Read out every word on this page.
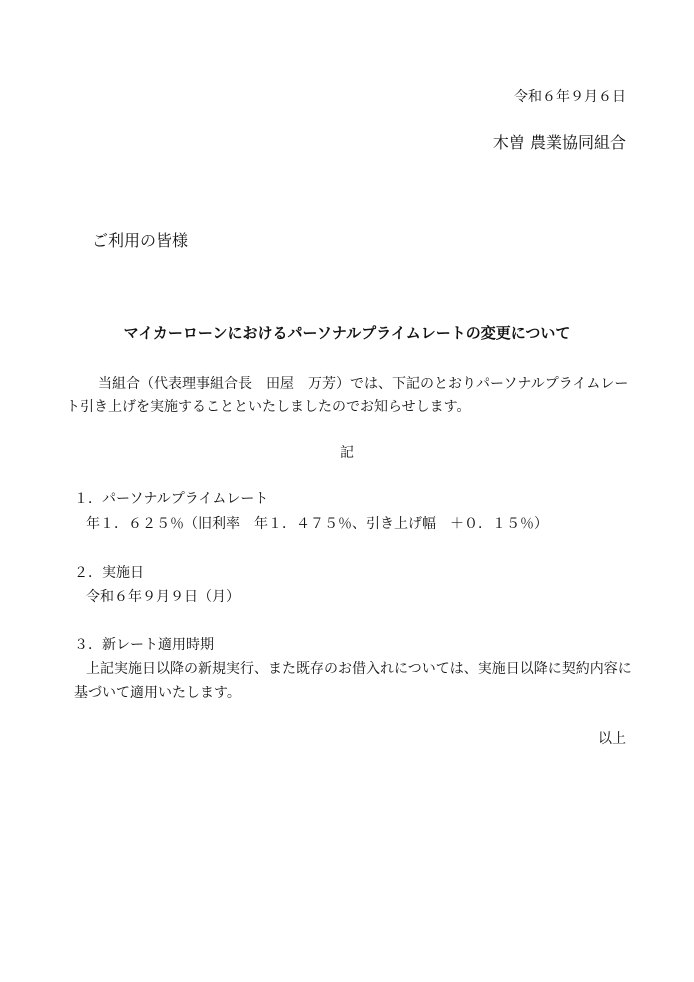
令和６年９月６日
木曽 農業協同組合
ご利用の皆様
マイカーローンにおけるパーソナルプライムレートの変更について
当組合（代表理事組合長　田屋　万芳）では、下記のとおりパーソナルプライムレー
ト引き上げを実施することといたしましたのでお知らせします。
記
１．パーソナルプライムレート
年１．６２５％（旧利率　年１．４７５％、引き上げ幅　＋０．１５％）
２．実施日
令和６年９月９日（月）
３．新レート適用時期
上記実施日以降の新規実行、また既存のお借入れについては、実施日以降に契約内容に
基づいて適用いたします。
以上
